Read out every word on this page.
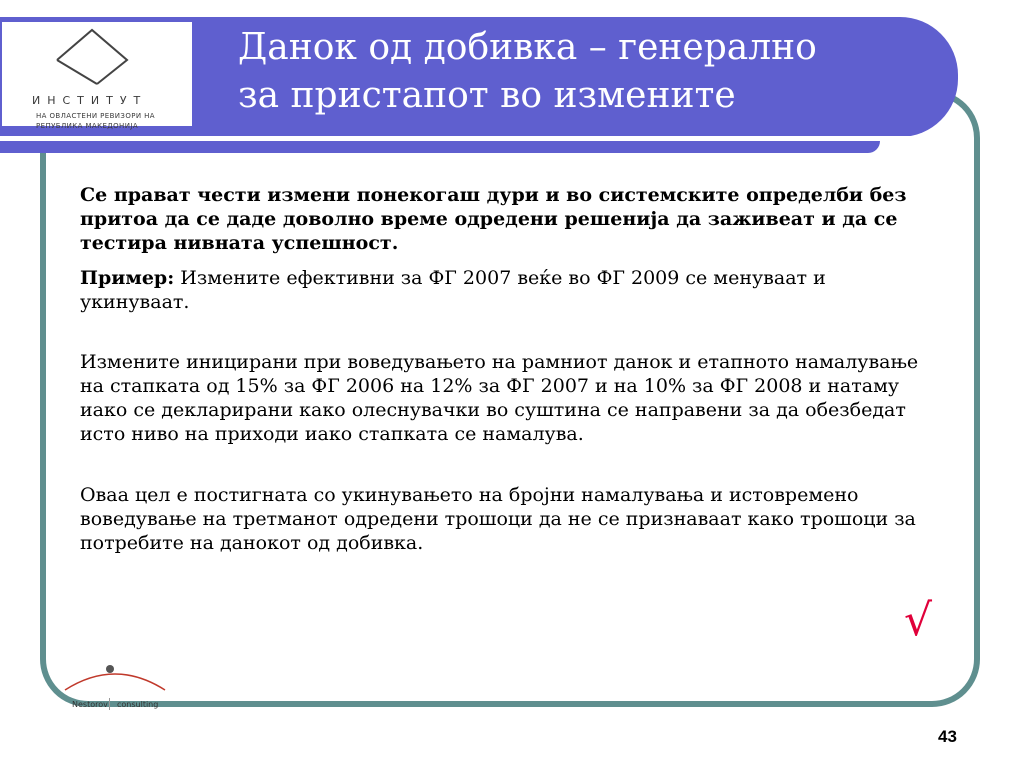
ИНСТИТУТ
НА ОВЛАСТЕНИ РЕВИЗОРИ НА
РЕПУБЛИКА МАКЕДОНИЈА
Данок од добивка – генерално
за пристапот во измените

Се прават чести измени понекогаш дури и во системските определби без притоа да се даде доволно време одредени решенија да заживеат и да се тестира нивната успешност.

Пример: Измените ефективни за ФГ 2007 веќе во ФГ 2009 се менуваат и укинуваат.

Измените иницирани при воведувањето на рамниот данок и етапното намалување на стапката од 15% за ФГ 2006 на 12% за ФГ 2007 и на 10% за ФГ 2008 и натаму иако се декларирани како олеснувачки во суштина се направени за да обезбедат исто ниво на приходи иако стапката се намалува.

Оваа цел е постигната со укинувањето на бројни намалувања и истовремено воведување на третманот одредени трошоци да не се признаваат како трошоци за потребите на данокот од добивка.

√
Nestorov consulting
43
